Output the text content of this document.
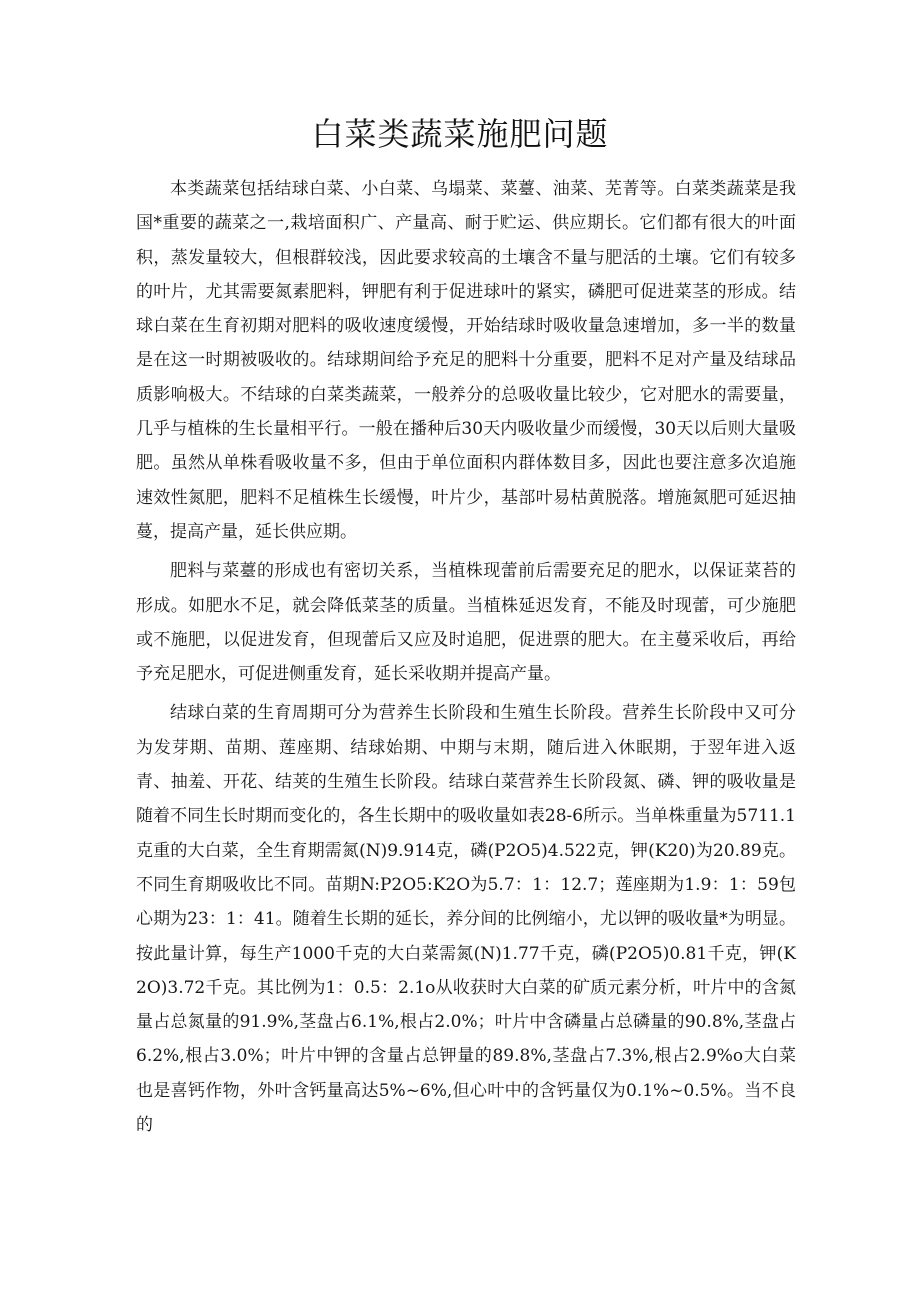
白菜类蔬菜施肥问题

本类蔬菜包括结球白菜、小白菜、乌塌菜、菜薹、油菜、芜菁等。白菜类蔬菜是我国*重要的蔬菜之一,栽培面积广、产量高、耐于贮运、供应期长。它们都有很大的叶面积，蒸发量较大，但根群较浅，因此要求较高的土壤含不量与肥活的土壤。它们有较多的叶片，尤其需要氮素肥料，钾肥有利于促进球叶的紧实，磷肥可促进菜茎的形成。结球白菜在生育初期对肥料的吸收速度缓慢，开始结球时吸收量急速增加，多一半的数量是在这一时期被吸收的。结球期间给予充足的肥料十分重要，肥料不足对产量及结球品质影响极大。不结球的白菜类蔬菜，一般养分的总吸收量比较少，它对肥水的需要量，几乎与植株的生长量相平行。一般在播种后30天内吸收量少而缓慢，30天以后则大量吸肥。虽然从单株看吸收量不多，但由于单位面积内群体数目多，因此也要注意多次追施速效性氮肥，肥料不足植株生长缓慢，叶片少，基部叶易枯黄脱落。增施氮肥可延迟抽蔓，提高产量，延长供应期。

肥料与菜薹的形成也有密切关系，当植株现蕾前后需要充足的肥水，以保证菜苔的形成。如肥水不足，就会降低菜茎的质量。当植株延迟发育，不能及时现蕾，可少施肥或不施肥，以促进发育，但现蕾后又应及时追肥，促进票的肥大。在主蔓采收后，再给予充足肥水，可促进侧重发育，延长采收期并提高产量。

结球白菜的生育周期可分为营养生长阶段和生殖生长阶段。营养生长阶段中又可分为发芽期、苗期、莲座期、结球始期、中期与末期，随后进入休眠期，于翌年进入返青、抽羞、开花、结荚的生殖生长阶段。结球白菜营养生长阶段氮、磷、钾的吸收量是随着不同生长时期而变化的，各生长期中的吸收量如表28-6所示。当单株重量为5711.1克重的大白菜，全生育期需氮(N)9.914克，磷(P2O5)4.522克，钾(K20)为20.89克。不同生育期吸收比不同。苗期N:P2O5:K2O为5.7：1：12.7；莲座期为1.9：1：59包心期为23：1：41。随着生长期的延长，养分间的比例缩小，尤以钾的吸收量*为明显。按此量计算，每生产1000千克的大白菜需氮(N)1.77千克，磷(P2O5)0.81千克，钾(K2O)3.72千克。其比例为1：0.5：2.1o从收获时大白菜的矿质元素分析，叶片中的含氮量占总氮量的91.9%,茎盘占6.1%,根占2.0%；叶片中含磷量占总磷量的90.8%,茎盘占6.2%,根占3.0%；叶片中钾的含量占总钾量的89.8%,茎盘占7.3%,根占2.9%o大白菜也是喜钙作物，外叶含钙量高达5%~6%,但心叶中的含钙量仅为0.1%~0.5%。当不良的
